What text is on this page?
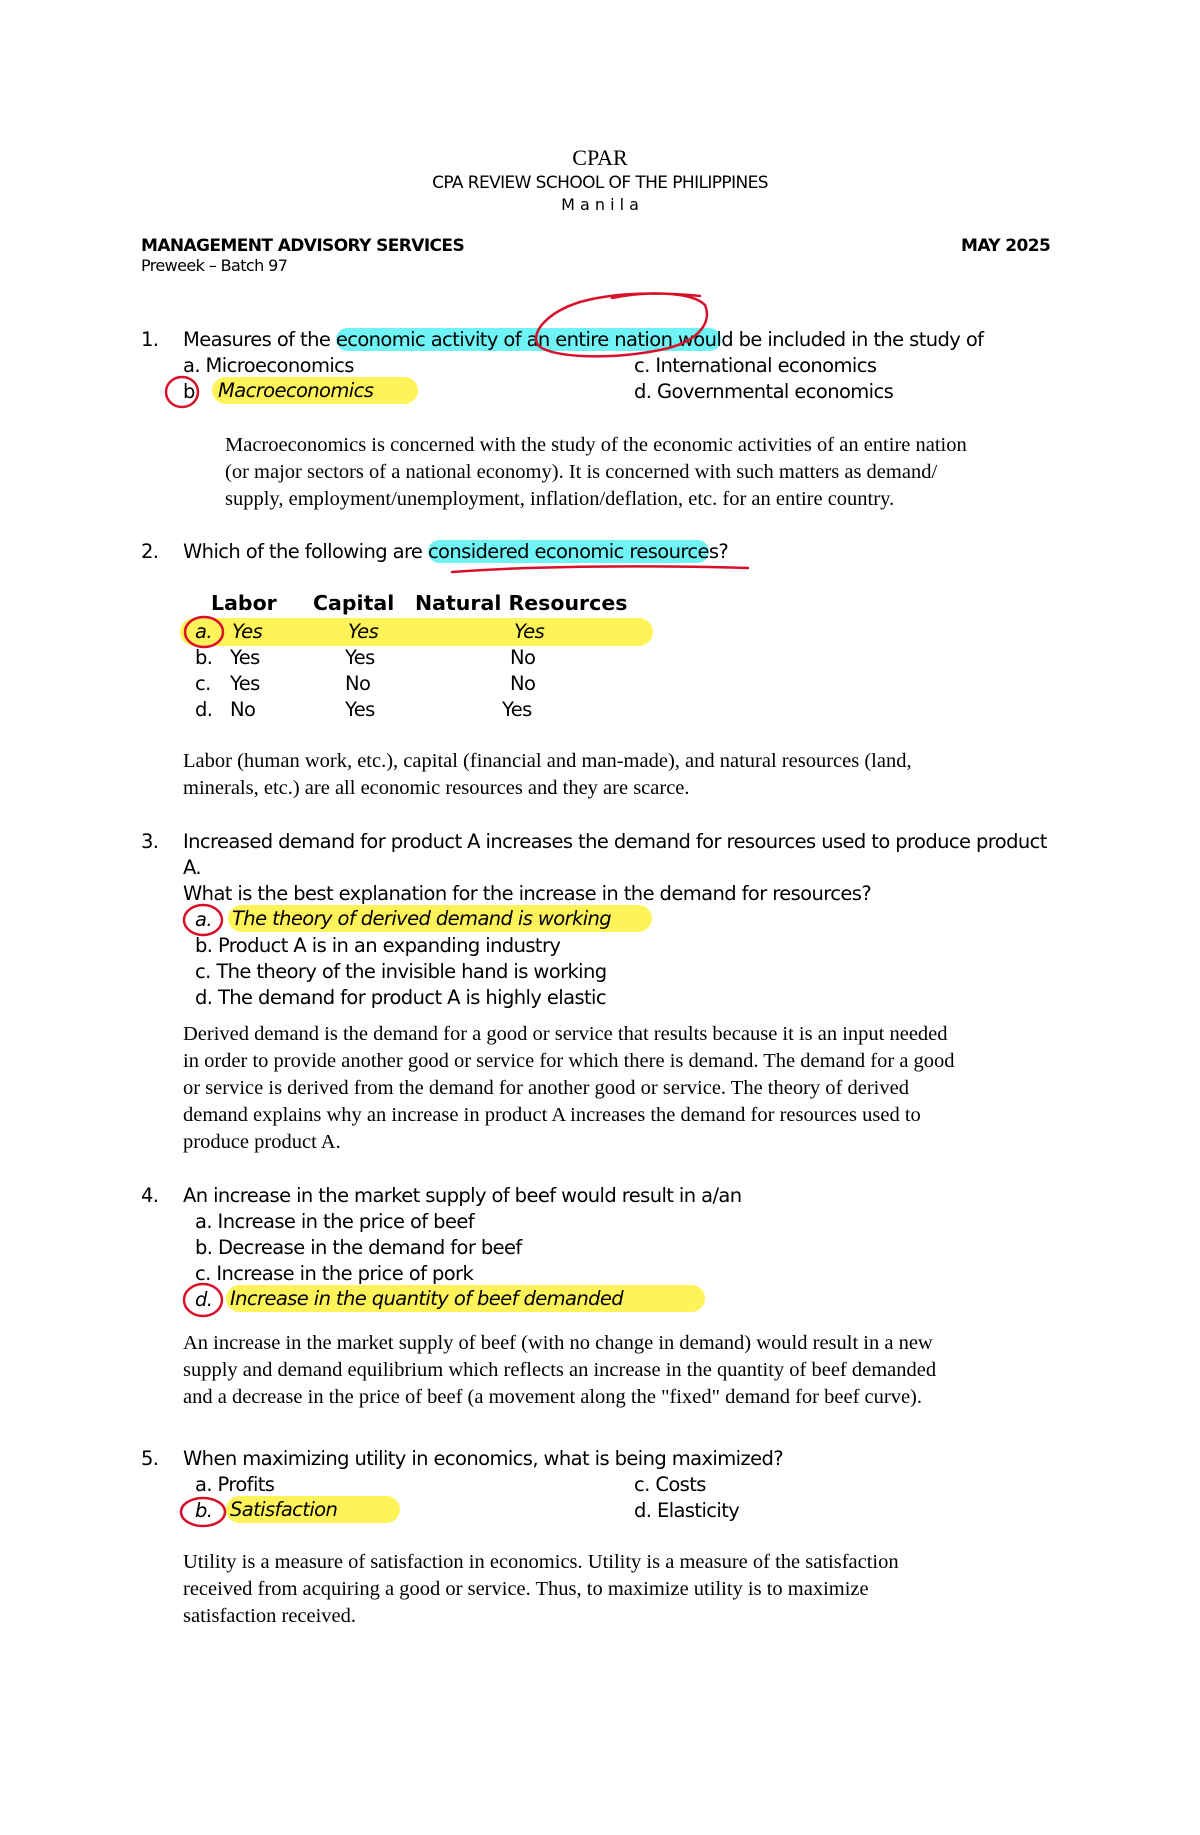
CPAR
CPA REVIEW SCHOOL OF THE PHILIPPINES
M a n i l a
MANAGEMENT ADVISORY SERVICES	MAY 2025
Preweek – Batch 97
1. Measures of the economic activity of an entire nation would be included in the study of
a. Microeconomics
b	Macroeconomics
c. International economics
d. Governmental economics
Macroeconomics is concerned with the study of the economic activities of an entire nation
(or major sectors of a national economy). It is concerned with such matters as demand/
supply, employment/unemployment, inflation/deflation, etc. for an entire country.
2. Which of the following are considered economic resources?
Labor Capital Natural Resources
a. Yes	Yes	Yes
b. Yes	Yes	No
c. Yes	No	No
d. No	Yes	Yes
Labor (human work, etc.), capital (financial and man-made), and natural resources (land,
minerals, etc.) are all economic resources and they are scarce.
3. Increased demand for product A increases the demand for resources used to produce product
A.
What is the best explanation for the increase in the demand for resources?
a. The theory of derived demand is working
b. Product A is in an expanding industry
c. The theory of the invisible hand is working
d. The demand for product A is highly elastic
Derived demand is the demand for a good or service that results because it is an input needed
in order to provide another good or service for which there is demand. The demand for a good
or service is derived from the demand for another good or service. The theory of derived
demand explains why an increase in product A increases the demand for resources used to
produce product A.
4. An increase in the market supply of beef would result in a/an
a. Increase in the price of beef
b. Decrease in the demand for beef
c. Increase in the price of pork
d. Increase in the quantity of beef demanded
An increase in the market supply of beef (with no change in demand) would result in a new
supply and demand equilibrium which reflects an increase in the quantity of beef demanded
and a decrease in the price of beef (a movement along the "fixed" demand for beef curve).
5. When maximizing utility in economics, what is being maximized?
a. Profits
b. Satisfaction
c. Costs
d. Elasticity
Utility is a measure of satisfaction in economics. Utility is a measure of the satisfaction
received from acquiring a good or service. Thus, to maximize utility is to maximize
satisfaction received.
